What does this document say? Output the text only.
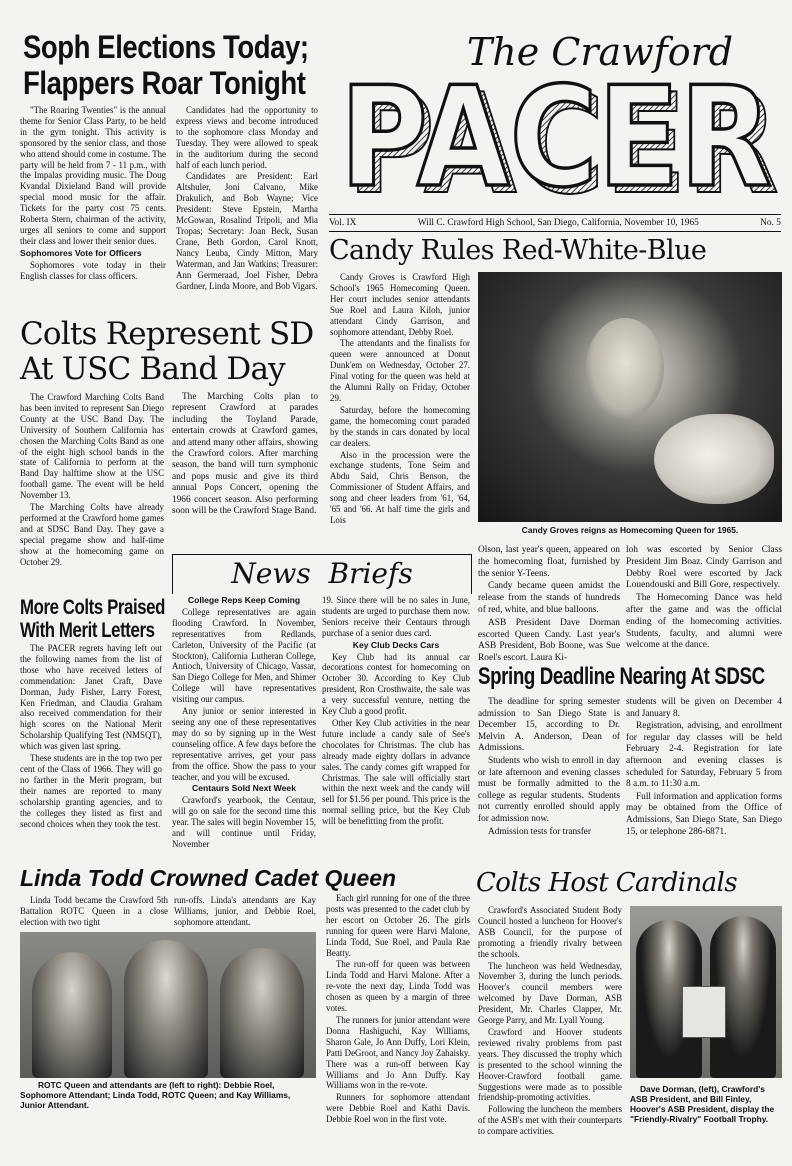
Soph Elections Today;
Flappers Roar Tonight

"The Roaring Twenties" is the annual theme for Senior Class Party, to be held in the gym tonight. This activity is sponsored by the senior class, and those who attend should come in costume. The party will be held from 7 - 11 p.m., with the Impalas providing music. The Doug Kvandal Dixieland Band will provide special mood music for the affair. Tickets for the party cost 75 cents. Roberta Stern, chairman of the activity, urges all seniors to come and support their class and lower their senior dues.

Sophomores Vote for Officers

Sophomores vote today in their English classes for class officers.

Candidates had the opportunity to express views and become introduced to the sophomore class Monday and Tuesday. They were allowed to speak in the auditorium during the second half of each lunch period.

Candidates are President: Earl Altshuler, Joni Calvano, Mike Drakulich, and Bob Wayne; Vice President: Steve Epstein, Martha McGowan, Rosalind Tripoli, and Mia Tropas; Secretary: Joan Beck, Susan Crane, Beth Gordon, Carol Knott, Nancy Leuba, Cindy Mitton, Mary Waterman, and Jan Watkins; Treasurer: Ann Germeraad, Joel Fisher, Debra Gardner, Linda Moore, and Bob Vigars.

The Crawford
PACER
PACER
Vol. IX	Will C. Crawford High School, San Diego, California, November 10, 1965	No. 5
Candy Rules Red-White-Blue

Candy Groves is Crawford High School's 1965 Homecoming Queen. Her court includes senior attendants Sue Roel and Laura Kiloh, junior attendant Cindy Garrison, and sophomore attendant, Debby Roel.

The attendants and the finalists for queen were announced at Donut Dunk'em on Wednesday, October 27. Final voting for the queen was held at the Alumni Rally on Friday, October 29.

Saturday, before the homecoming game, the homecoming court paraded by the stands in cars donated by local car dealers.

Also in the procession were the exchange students, Tone Seim and Abdu Said, Chris Benson, the Commissioner of Student Affairs, and song and cheer leaders from '61, '64, '65 and '66. At half time the girls and Lois

Candy Groves reigns as Homecoming Queen for 1965.

Olson, last year's queen, appeared on the homecoming float, furnished by the senior Y-Teens.

Candy became queen amidst the release from the stands of hundreds of red, white, and blue balloons.

ASB President Dave Dorman escorted Queen Candy. Last year's ASB President, Bob Boone, was Sue Roel's escort. Laura Ki-

loh was escorted by Senior Class President Jim Boaz. Cindy Garrison and Debby Roel were escorted by Jack Louendouski and Bill Gore, respectively.

The Homecoming Dance was held after the game and was the official ending of the homecoming activities. Students, faculty, and alumni were welcome at the dance.

Colts Represent SD
At USC Band Day

The Crawford Marching Colts Band has been invited to represent San Diego County at the USC Band Day. The University of Southern California has chosen the Marching Colts Band as one of the eight high school bands in the state of California to perform at the Band Day halftime show at the USC football game. The event will be held November 13.

The Marching Colts have already performed at the Crawford home games and at SDSC Band Day. They gave a special pregame show and half-time show at the homecoming game on October 29.

The Marching Colts plan to represent Crawford at parades including the Toyland Parade, entertain crowds at Crawford games, and attend many other affairs, showing the Crawford colors. After marching season, the band will turn symphonic and pops music and give its third annual Pops Concert, opening the 1966 concert season. Also performing soon will be the Crawford Stage Band.

More Colts Praised
With Merit Letters

The PACER regrets having left out the following names from the list of those who have received letters of commendation: Janet Craft, Dave Dorman, Judy Fisher, Larry Forest, Ken Friedman, and Claudia Graham also received commendation for their high scores on the National Merit Scholarship Qualifying Test (NMSQT), which was given last spring.

These students are in the top two per cent of the Class of 1966. They will go no farther in the Merit program, but their names are reported to many scholarship granting agencies, and to the colleges they listed as first and second choices when they took the test.

News Briefs

College Reps Keep Coming

College representatives are again flooding Crawford. In November, representatives from Redlands, Carleton, University of the Pacific (at Stockton), California Lutheran College, Antioch, University of Chicago, Vassar, San Diego College for Men, and Shimer College will have representatives visiting our campus.

Any junior or senior interested in seeing any one of these representatives may do so by signing up in the West counseling office. A few days before the representative arrives, get your pass from the office. Show the pass to your teacher, and you will be excused.

Centaurs Sold Next Week

Crawford's yearbook, the Centaur, will go on sale for the second time this year. The sales will begin November 15, and will continue until Friday, November

19. Since there will be no sales in June, students are urged to purchase them now. Seniors receive their Centaurs through purchase of a senior dues card.

Key Club Decks Cars

Key Club had its annual car decorations contest for homecoming on October 30. According to Key Club president, Ron Crosthwaite, the sale was a very successful venture, netting the Key Club a good profit.

Other Key Club activities in the near future include a candy sale of See's chocolates for Christmas. The club has already made eighty dollars in advance sales. The candy comes gift wrapped for Christmas. The sale will officially start within the next week and the candy will sell for $1.56 per pound. This price is the normal selling price, but the Key Club will be benefitting from the profit.

Spring Deadline Nearing At SDSC

The deadline for spring semester admission to San Diego State is December 15, according to Dr. Melvin A. Anderson, Dean of Admissions.

Students who wish to enroll in day or late afternoon and evening classes must be formally admitted to the college as regular students. Students not currently enrolled should apply for admission now.

Admission tests for transfer

students will be given on December 4 and January 8.

Registration, advising, and enrollment for regular day classes will be held February 2-4. Registration for late afternoon and evening classes is scheduled for Saturday, February 5 from 8 a.m. to 11:30 a.m.

Full information and application forms may be obtained from the Office of Admissions, San Diego State, San Diego 15, or telephone 286-6871.

Linda Todd Crowned Cadet Queen

Linda Todd became the Crawford 5th Battalion ROTC Queen in a close election with two tight

run-offs. Linda's attendants are Kay Williams, junior, and Debbie Roel, sophomore attendant.

ROTC Queen and attendants are (left to right): Debbie Roel, Sophomore Attendant; Linda Todd, ROTC Queen; and Kay Williams, Junior Attendant.

Each girl running for one of the three posts was presented to the cadet club by her escort on October 26. The girls running for queen were Harvi Malone, Linda Todd, Sue Roel, and Paula Rae Beatty.

The run-off for queen was between Linda Todd and Harvi Malone. After a re-vote the next day, Linda Todd was chosen as queen by a margin of three votes.

The runners for junior attendant were Donna Hashiguchi, Kay Williams, Sharon Gale, Jo Ann Duffy, Lori Klein, Patti DeGroot, and Nancy Joy Zahaisky. There was a run-off between Kay Williams and Jo Ann Duffy. Kay Williams won in the re-vote.

Runners for sophomore attendant were Debbie Roel and Kathi Davis. Debbie Roel won in the first vote.

Colts Host Cardinals

Crawford's Associated Student Body Council hosted a luncheon for Hoover's ASB Council, for the purpose of promoting a friendly rivalry between the schools.

The luncheon was held Wednesday, November 3, during the lunch periods. Hoover's council members were welcomed by Dave Dorman, ASB President, Mr. Charles Clapper, Mr. George Parry, and Mr. Lyall Young.

Crawford and Hoover students reviewed rivalry problems from past years. They discussed the trophy which is presented to the school winning the Hoover-Crawford football game. Suggestions were made as to possible friendship-promoting activities.

Following the luncheon the members of the ASB's met with their counterparts to compare activities.

Dave Dorman, (left), Crawford's ASB President, and Bill Finley, Hoover's ASB President, display the "Friendly-Rivalry" Football Trophy.
